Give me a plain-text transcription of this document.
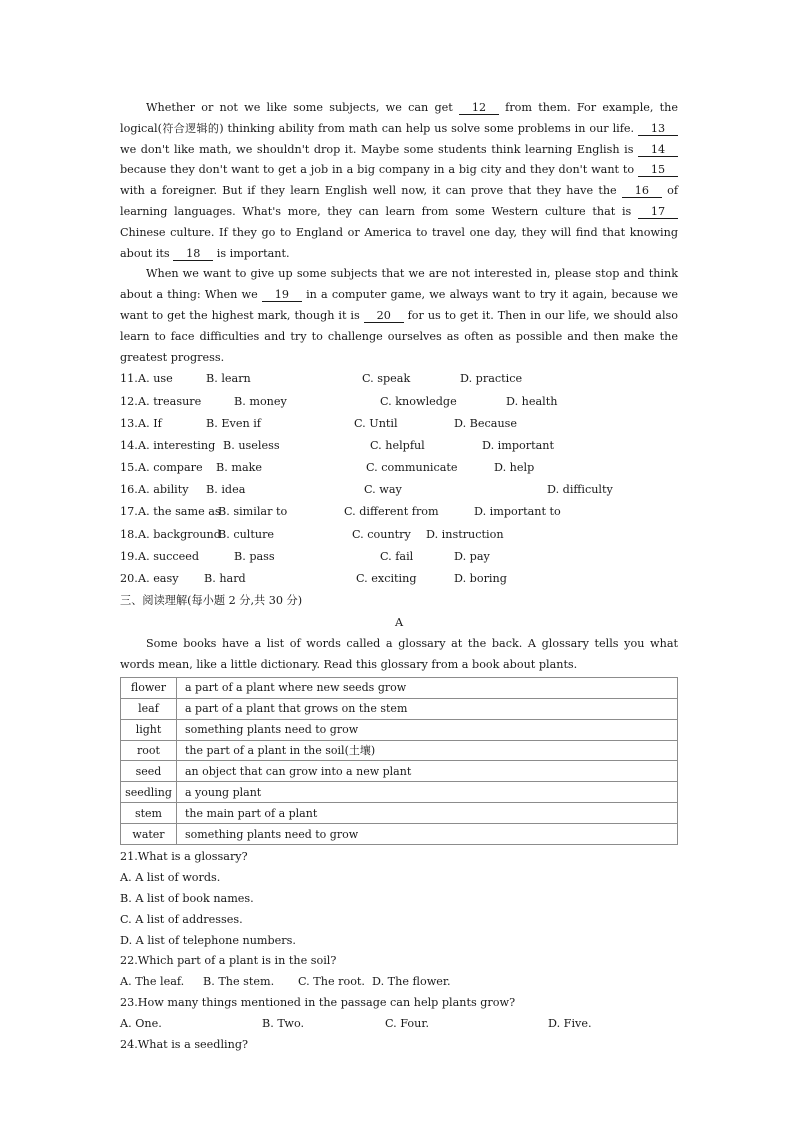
Whether or not we like some subjects, we can get 12 from them. For example, the logical(符合逻辑的) thinking ability from math can help us solve some problems in our life. 13 we don't like math, we shouldn't drop it. Maybe some students think learning English is 14 because they don't want to get a job in a big company in a big city and they don't want to 15 with a foreigner. But if they learn English well now, it can prove that they have the 16 of learning languages. What's more, they can learn from some Western culture that is 17 Chinese culture. If they go to England or America to travel one day, they will find that knowing about its 18 is important.

When we want to give up some subjects that we are not interested in, please stop and think about a thing: When we 19 in a computer game, we always want to try it again, because we want to get the highest mark, though it is 20 for us to get it. Then in our life, we should also learn to face difficulties and try to challenge ourselves as often as possible and then make the greatest progress.

11. A. use	B. learn	C. speak	D. practice
12. A. treasure	B. money	C. knowledge	D. health
13. A. If	B. Even if	C. Until	D. Because
14. A. interesting B. useless	C. helpful	D. important
15. A. compare B. make	C. communicate	D. help
16. A. ability B. idea	C. way	D. difficulty
17. A. the same as
B. similar to	C. different from	D. important to
18. A. background
B. culture	C. country D. instruction
19. A. succeed	B. pass	C. fail	D. pay
20. A. easy B. hard	C. exciting	D. boring
三、阅读理解(每小题 2 分,共 30 分)
A

Some books have a list of words called a glossary at the back. A glossary tells you what words mean, like a little dictionary. Read this glossary from a book about plants.

flower	a part of a plant where new seeds grow
leaf	a part of a plant that grows on the stem
light	something plants need to grow
root	the part of a plant in the soil(土壤)
seed	an object that can grow into a new plant
seedling	a young plant
stem	the main part of a plant
water	something plants need to grow
21.What is a glossary?
A. A list of words.
B. A list of book names.
C. A list of addresses.
D. A list of telephone numbers.
22.Which part of a plant is in the soil?
A. The leaf. B. The stem. C. The root. D. The flower.
23.How many things mentioned in the passage can help plants grow?
A. One.	B. Two.	C. Four.	D. Five.
24.What is a seedling?
